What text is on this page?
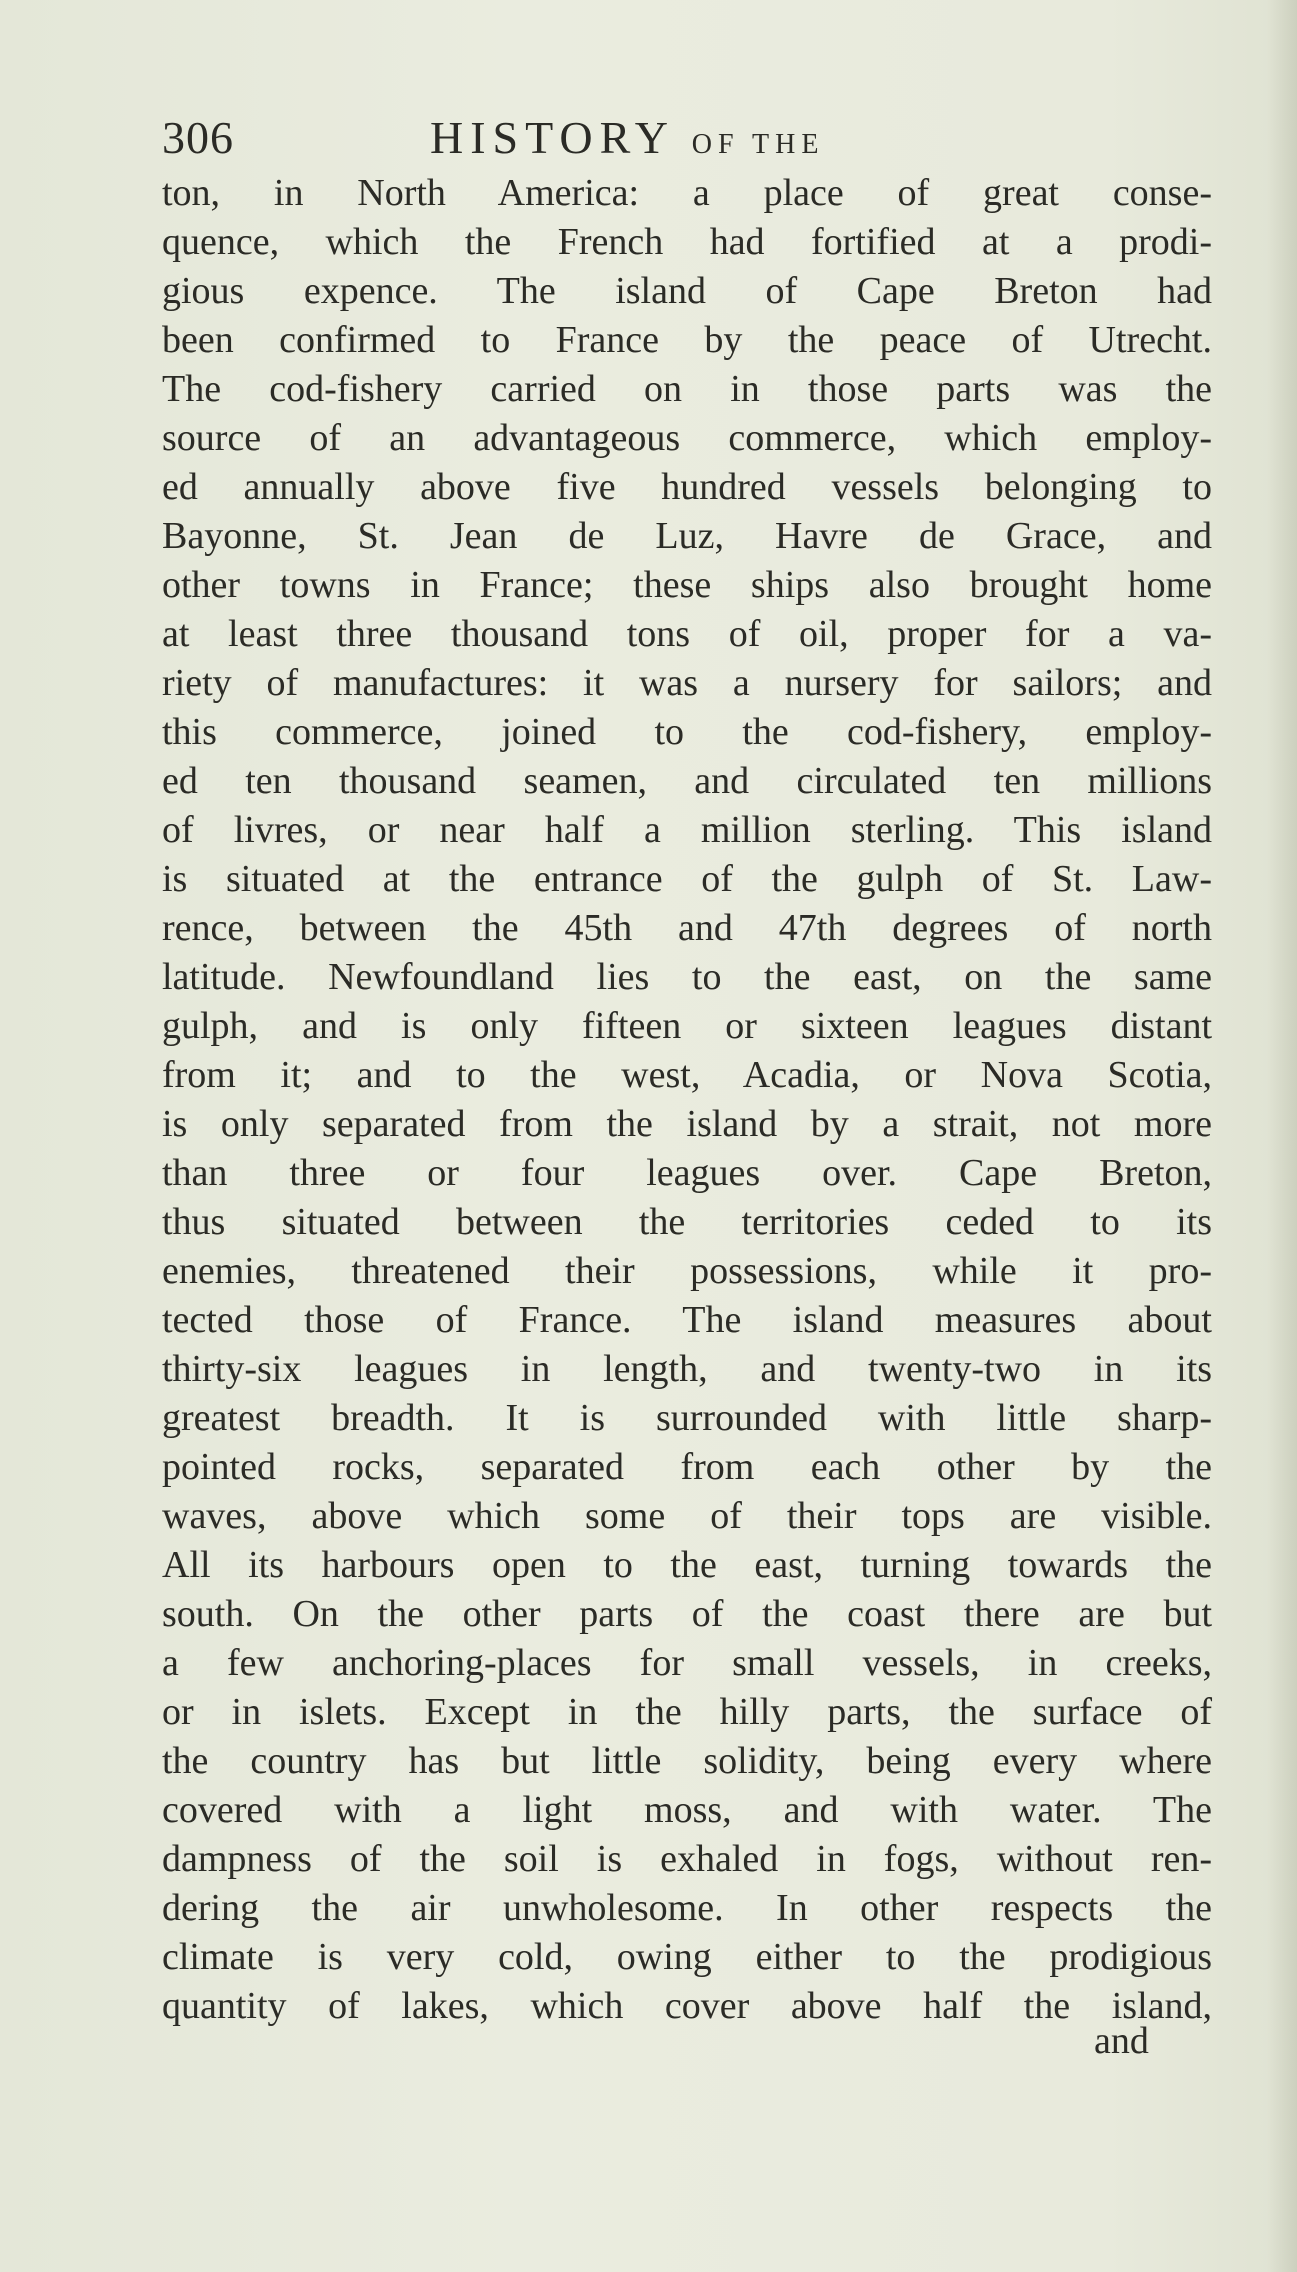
306	HISTORY OF THE
ton, in North America: a place of great conse-
quence, which the French had fortified at a prodi-
gious expence. The island of Cape Breton had
been confirmed to France by the peace of Utrecht.
The cod-fishery carried on in those parts was the
source of an advantageous commerce, which employ-
ed annually above five hundred vessels belonging to
Bayonne, St. Jean de Luz, Havre de Grace, and
other towns in France; these ships also brought home
at least three thousand tons of oil, proper for a va-
riety of manufactures: it was a nursery for sailors; and
this commerce, joined to the cod-fishery, employ-
ed ten thousand seamen, and circulated ten millions
of livres, or near half a million sterling. This island
is situated at the entrance of the gulph of St. Law-
rence, between the 45th and 47th degrees of north
latitude. Newfoundland lies to the east, on the same
gulph, and is only fifteen or sixteen leagues distant
from it; and to the west, Acadia, or Nova Scotia,
is only separated from the island by a strait, not more
than three or four leagues over. Cape Breton,
thus situated between the territories ceded to its
enemies, threatened their possessions, while it pro-
tected those of France. The island measures about
thirty-six leagues in length, and twenty-two in its
greatest breadth. It is surrounded with little sharp-
pointed rocks, separated from each other by the
waves, above which some of their tops are visible.
All its harbours open to the east, turning towards the
south. On the other parts of the coast there are but
a few anchoring-places for small vessels, in creeks,
or in islets. Except in the hilly parts, the surface of
the country has but little solidity, being every where
covered with a light moss, and with water. The
dampness of the soil is exhaled in fogs, without ren-
dering the air unwholesome. In other respects the
climate is very cold, owing either to the prodigious
quantity of lakes, which cover above half the island,
and
